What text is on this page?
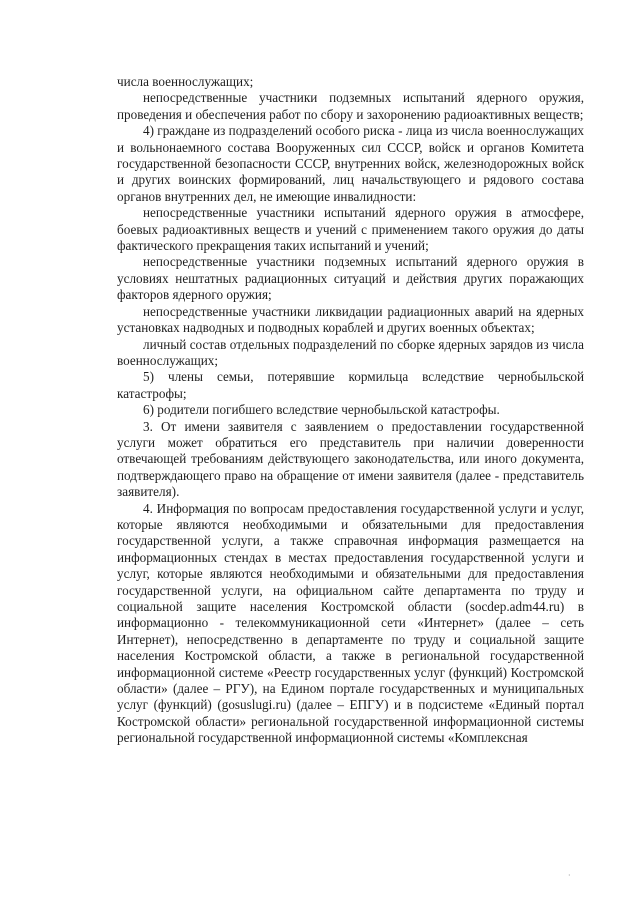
числа военнослужащих;

непосредственные участники подземных испытаний ядерного оружия, проведения и обеспечения работ по сбору и захоронению радиоактивных веществ;

4) граждане из подразделений особого риска - лица из числа военнослужащих и вольнонаемного состава Вооруженных сил СССР, войск и органов Комитета государственной безопасности СССР, внутренних войск, железнодорожных войск и других воинских формирований, лиц начальствующего и рядового состава органов внутренних дел, не имеющие инвалидности:

непосредственные участники испытаний ядерного оружия в атмосфере, боевых радиоактивных веществ и учений с применением такого оружия до даты фактического прекращения таких испытаний и учений;

непосредственные участники подземных испытаний ядерного оружия в условиях нештатных радиационных ситуаций и действия других поражающих факторов ядерного оружия;

непосредственные участники ликвидации радиационных аварий на ядерных установках надводных и подводных кораблей и других военных объектах;

личный состав отдельных подразделений по сборке ядерных зарядов из числа военнослужащих;

5) члены семьи, потерявшие кормильца вследствие чернобыльской катастрофы;

6) родители погибшего вследствие чернобыльской катастрофы.

3. От имени заявителя с заявлением о предоставлении государственной услуги может обратиться его представитель при наличии доверенности отвечающей требованиям действующего законодательства, или иного документа, подтверждающего право на обращение от имени заявителя (далее - представитель заявителя).

4. Информация по вопросам предоставления государственной услуги и услуг, которые являются необходимыми и обязательными для предоставления государственной услуги, а также справочная информация размещается на информационных стендах в местах предоставления государственной услуги и услуг, которые являются необходимыми и обязательными для предоставления государственной услуги, на официальном сайте департамента по труду и социальной защите населения Костромской области (socdep.adm44.ru) в информационно - телекоммуникационной сети «Интернет» (далее – сеть Интернет), непосредственно в департаменте по труду и социальной защите населения Костромской области, а также в региональной государственной информационной системе «Реестр государственных услуг (функций) Костромской области» (далее – РГУ), на Едином портале государственных и муниципальных услуг (функций) (gosuslugi.ru) (далее – ЕПГУ) и в подсистеме «Единый портал Костромской области» региональной государственной информационной системы региональной государственной информационной системы «Комплексная

·
